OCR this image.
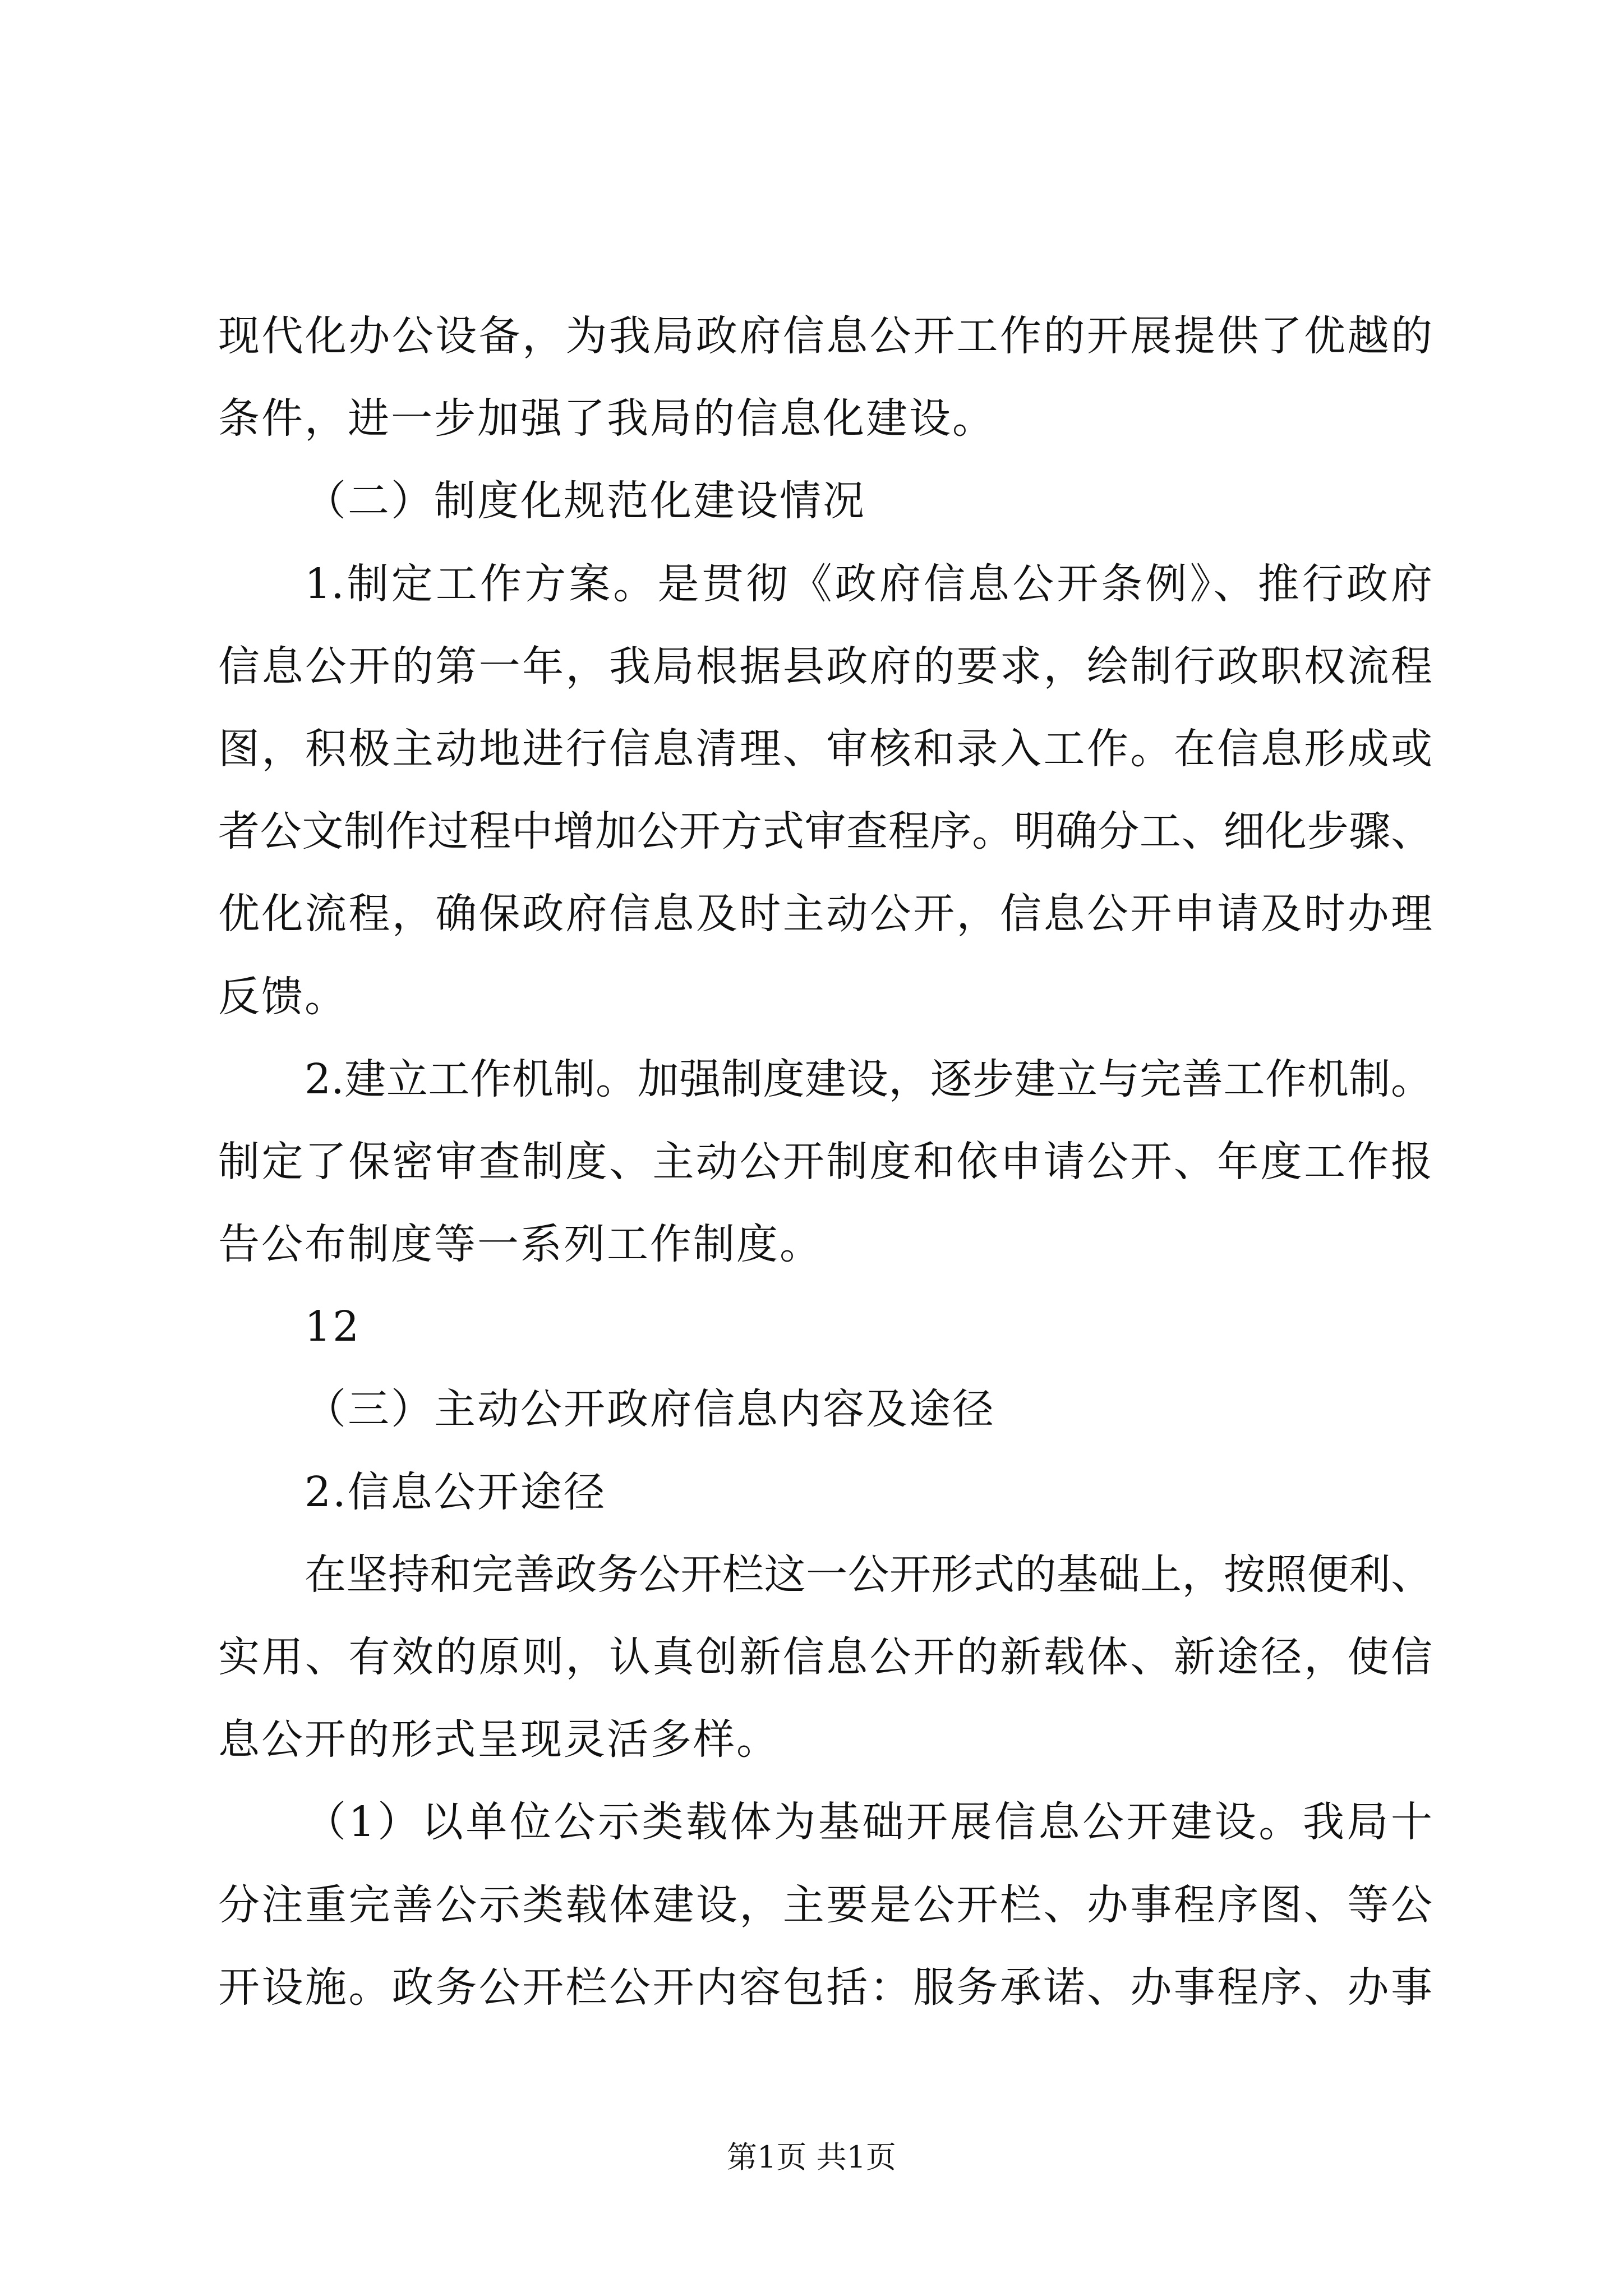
现代化办公设备，为我局政府信息公开工作的开展提供了优越的
条件，进一步加强了我局的信息化建设。
（二）制度化规范化建设情况
1.制定工作方案。是贯彻《政府信息公开条例》、推行政府
信息公开的第一年，我局根据县政府的要求，绘制行政职权流程
图，积极主动地进行信息清理、审核和录入工作。在信息形成或
者公文制作过程中增加公开方式审查程序。明确分工、细化步骤、
优化流程，确保政府信息及时主动公开，信息公开申请及时办理
反馈。
2.建立工作机制。加强制度建设，逐步建立与完善工作机制。
制定了保密审查制度、主动公开制度和依申请公开、年度工作报
告公布制度等一系列工作制度。
12
（三）主动公开政府信息内容及途径
2.信息公开途径
在坚持和完善政务公开栏这一公开形式的基础上，按照便利、
实用、有效的原则，认真创新信息公开的新载体、新途径，使信
息公开的形式呈现灵活多样。
（1）以单位公示类载体为基础开展信息公开建设。我局十
分注重完善公示类载体建设，主要是公开栏、办事程序图、等公
开设施。政务公开栏公开内容包括：服务承诺、办事程序、办事
第1页 共1页
